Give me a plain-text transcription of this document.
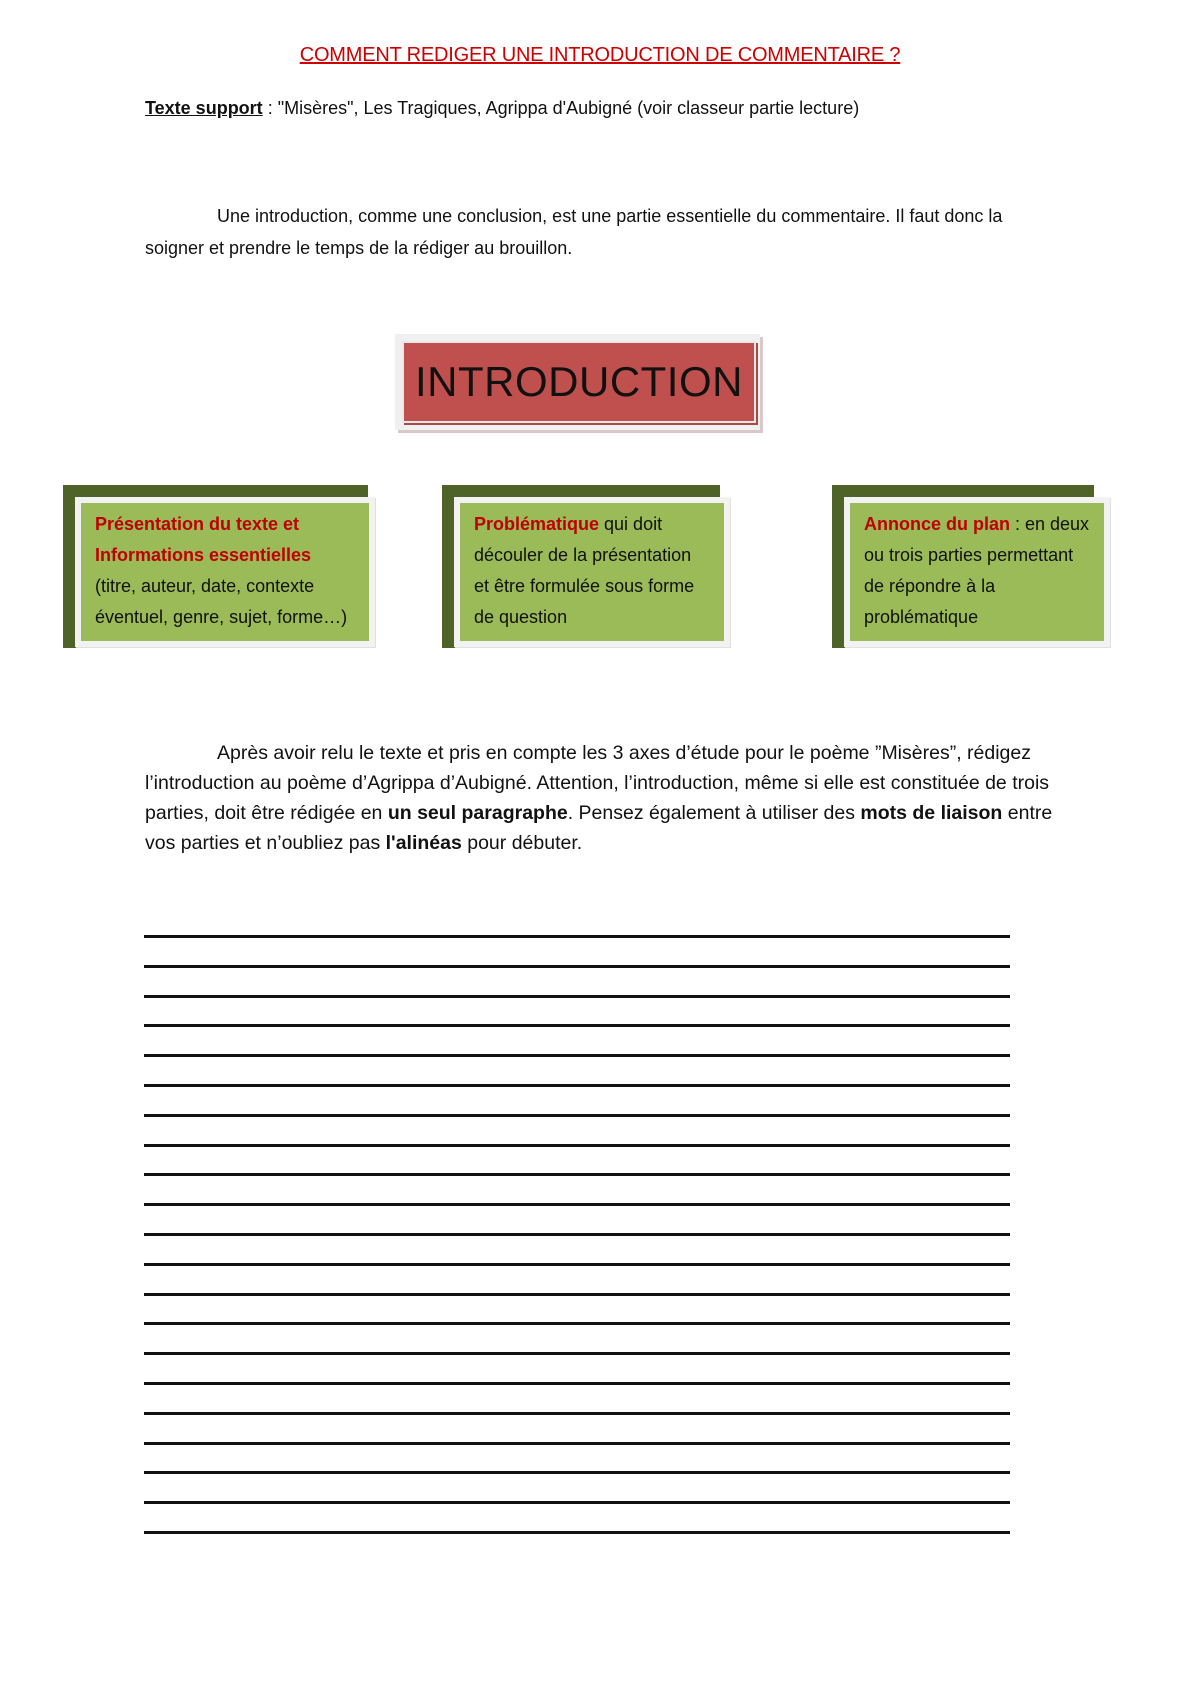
COMMENT REDIGER UNE INTRODUCTION DE COMMENTAIRE ?
Texte support : "Misères", Les Tragiques, Agrippa d'Aubigné (voir classeur partie lecture)
Une introduction, comme une conclusion, est une partie essentielle du commentaire. Il faut donc la soigner et prendre le temps de la rédiger au brouillon.
INTRODUCTION
Présentation du texte et Informations essentielles (titre, auteur, date, contexte éventuel, genre, sujet, forme…)
Problématique qui doit découler de la présentation et être formulée sous forme de question
Annonce du plan : en deux ou trois parties permettant de répondre à la problématique
Après avoir relu le texte et pris en compte les 3 axes d’étude pour le poème ”Misères”, rédigez l’introduction au poème d’Agrippa d’Aubigné. Attention, l’introduction, même si elle est constituée de trois parties, doit être rédigée en un seul paragraphe. Pensez également à utiliser des mots de liaison entre vos parties et n’oubliez pas l'alinéas pour débuter.
